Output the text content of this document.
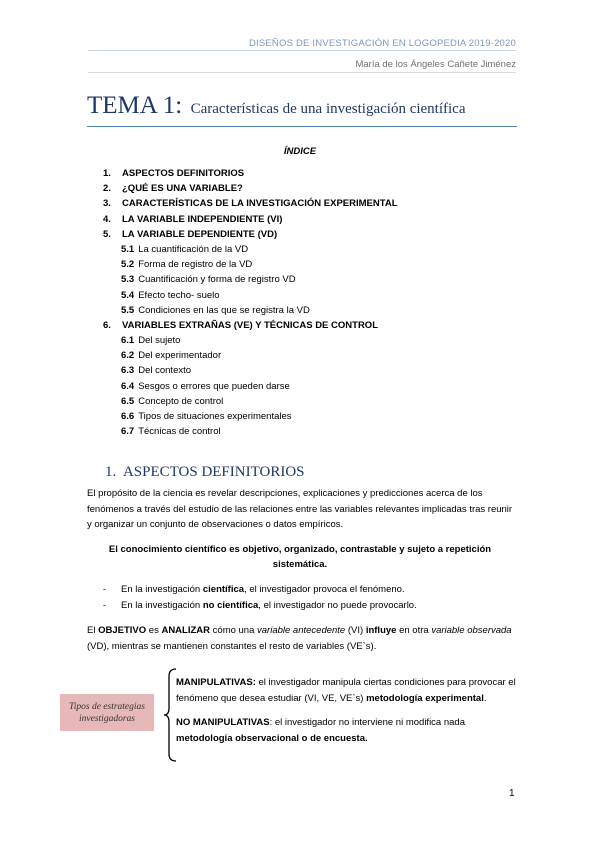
DISEÑOS DE INVESTIGACIÓN EN LOGOPEDIA 2019-2020
María de los Ángeles Cañete Jiménez
TEMA 1: Características de una investigación científica
ÍNDICE
1. ASPECTOS DEFINITORIOS
2. ¿QUÉ ES UNA VARIABLE?
3. CARACTERÍSTICAS DE LA INVESTIGACIÓN EXPERIMENTAL
4. LA VARIABLE INDEPENDIENTE (VI)
5. LA VARIABLE DEPENDIENTE (VD)
5.1 La cuantificación de la VD
5.2 Forma de registro de la VD
5.3 Cuantificación y forma de registro VD
5.4 Efecto techo- suelo
5.5 Condiciones en las que se registra la VD
6. VARIABLES EXTRAÑAS (VE) Y TÉCNICAS DE CONTROL
6.1 Del sujeto
6.2 Del experimentador
6.3 Del contexto
6.4 Sesgos o errores que pueden darse
6.5 Concepto de control
6.6 Tipos de situaciones experimentales
6.7 Técnicas de control
1. ASPECTOS DEFINITORIOS
El propósito de la ciencia es revelar descripciones, explicaciones y predicciones acerca de los fenómenos a través del estudio de las relaciones entre las variables relevantes implicadas tras reunir y organizar un conjunto de observaciones o datos empíricos.
El conocimiento científico es objetivo, organizado, contrastable y sujeto a repetición sistemática.
- En la investigación científica, el investigador provoca el fenómeno.
- En la investigación no científica, el investigador no puede provocarlo.
El OBJETIVO es ANALIZAR cómo una variable antecedente (VI) influye en otra variable observada (VD), mientras se mantienen constantes el resto de variables (VE`s).
Tipos de estrategias investigadoras
MANIPULATIVAS: el investigador manipula ciertas condiciones para provocar el fenómeno que desea estudiar (VI, VE, VE`s) metodología experimental.
NO MANIPULATIVAS: el investigador no interviene ni modifica nada metodología observacional o de encuesta.
1
